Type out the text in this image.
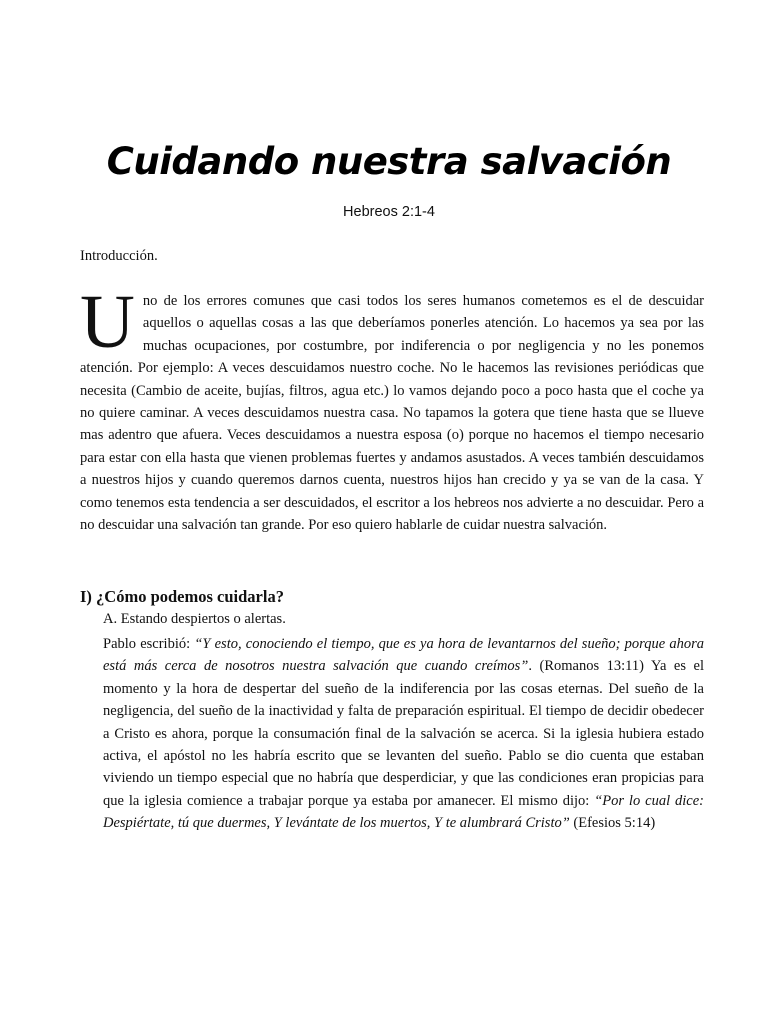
Cuidando nuestra salvación
Hebreos 2:1-4
Introducción.
Uno de los errores comunes que casi todos los seres humanos cometemos es el de descuidar aquellos o aquellas cosas a las que deberíamos ponerles atención. Lo hacemos ya sea por las muchas ocupaciones, por costumbre, por indiferencia o por negligencia y no les ponemos atención. Por ejemplo: A veces descuidamos nuestro coche. No le hacemos las revisiones periódicas que necesita (Cambio de aceite, bujías, filtros, agua etc.) lo vamos dejando poco a poco hasta que el coche ya no quiere caminar. A veces descuidamos nuestra casa. No tapamos la gotera que tiene hasta que se llueve mas adentro que afuera. Veces descuidamos a nuestra esposa (o) porque no hacemos el tiempo necesario para estar con ella hasta que vienen problemas fuertes y andamos asustados. A veces también descuidamos a nuestros hijos y cuando queremos darnos cuenta, nuestros hijos han crecido y ya se van de la casa. Y como tenemos esta tendencia a ser descuidados, el escritor a los hebreos nos advierte a no descuidar. Pero a no descuidar una salvación tan grande. Por eso quiero hablarle de cuidar nuestra salvación.
I) ¿Cómo podemos cuidarla?
A. Estando despiertos o alertas.
Pablo escribió: “Y esto, conociendo el tiempo, que es ya hora de levantarnos del sueño; porque ahora está más cerca de nosotros nuestra salvación que cuando creímos”. (Romanos 13:11) Ya es el momento y la hora de despertar del sueño de la indiferencia por las cosas eternas. Del sueño de la negligencia, del sueño de la inactividad y falta de preparación espiritual. El tiempo de decidir obedecer a Cristo es ahora, porque la consumación final de la salvación se acerca. Si la iglesia hubiera estado activa, el apóstol no les habría escrito que se levanten del sueño. Pablo se dio cuenta que estaban viviendo un tiempo especial que no habría que desperdiciar, y que las condiciones eran propicias para que la iglesia comience a trabajar porque ya estaba por amanecer. El mismo dijo: “Por lo cual dice: Despiértate, tú que duermes, Y levántate de los muertos, Y te alumbrará Cristo” (Efesios 5:14)
